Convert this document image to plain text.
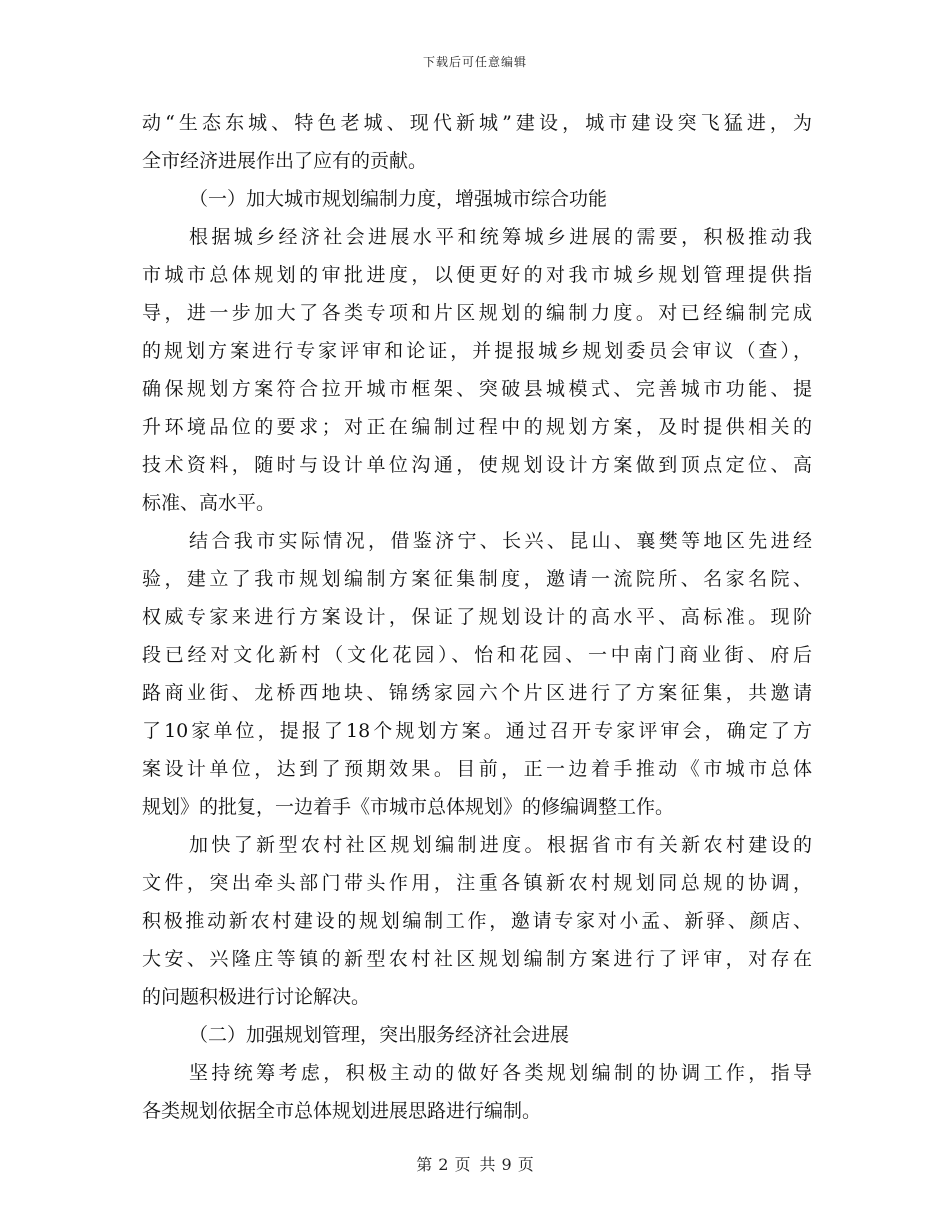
下载后可任意编辑
动“生态东城、特色老城、现代新城”建设，城市建设突飞猛进，为
全市经济进展作出了应有的贡献。
（一）加大城市规划编制力度，增强城市综合功能
根据城乡经济社会进展水平和统筹城乡进展的需要，积极推动我
市城市总体规划的审批进度，以便更好的对我市城乡规划管理提供指
导，进一步加大了各类专项和片区规划的编制力度。对已经编制完成
的规划方案进行专家评审和论证，并提报城乡规划委员会审议（查），
确保规划方案符合拉开城市框架、突破县城模式、完善城市功能、提
升环境品位的要求；对正在编制过程中的规划方案，及时提供相关的
技术资料，随时与设计单位沟通，使规划设计方案做到顶点定位、高
标准、高水平。
结合我市实际情况，借鉴济宁、长兴、昆山、襄樊等地区先进经
验，建立了我市规划编制方案征集制度，邀请一流院所、名家名院、
权威专家来进行方案设计，保证了规划设计的高水平、高标准。现阶
段已经对文化新村（文化花园）、怡和花园、一中南门商业街、府后
路商业街、龙桥西地块、锦绣家园六个片区进行了方案征集，共邀请
了10家单位，提报了18个规划方案。通过召开专家评审会，确定了方
案设计单位，达到了预期效果。目前，正一边着手推动《市城市总体
规划》的批复，一边着手《市城市总体规划》的修编调整工作。
加快了新型农村社区规划编制进度。根据省市有关新农村建设的
文件，突出牵头部门带头作用，注重各镇新农村规划同总规的协调，
积极推动新农村建设的规划编制工作，邀请专家对小孟、新驿、颜店、
大安、兴隆庄等镇的新型农村社区规划编制方案进行了评审，对存在
的问题积极进行讨论解决。
（二）加强规划管理，突出服务经济社会进展
坚持统筹考虑，积极主动的做好各类规划编制的协调工作，指导
各类规划依据全市总体规划进展思路进行编制。
第 2 页 共 9 页
